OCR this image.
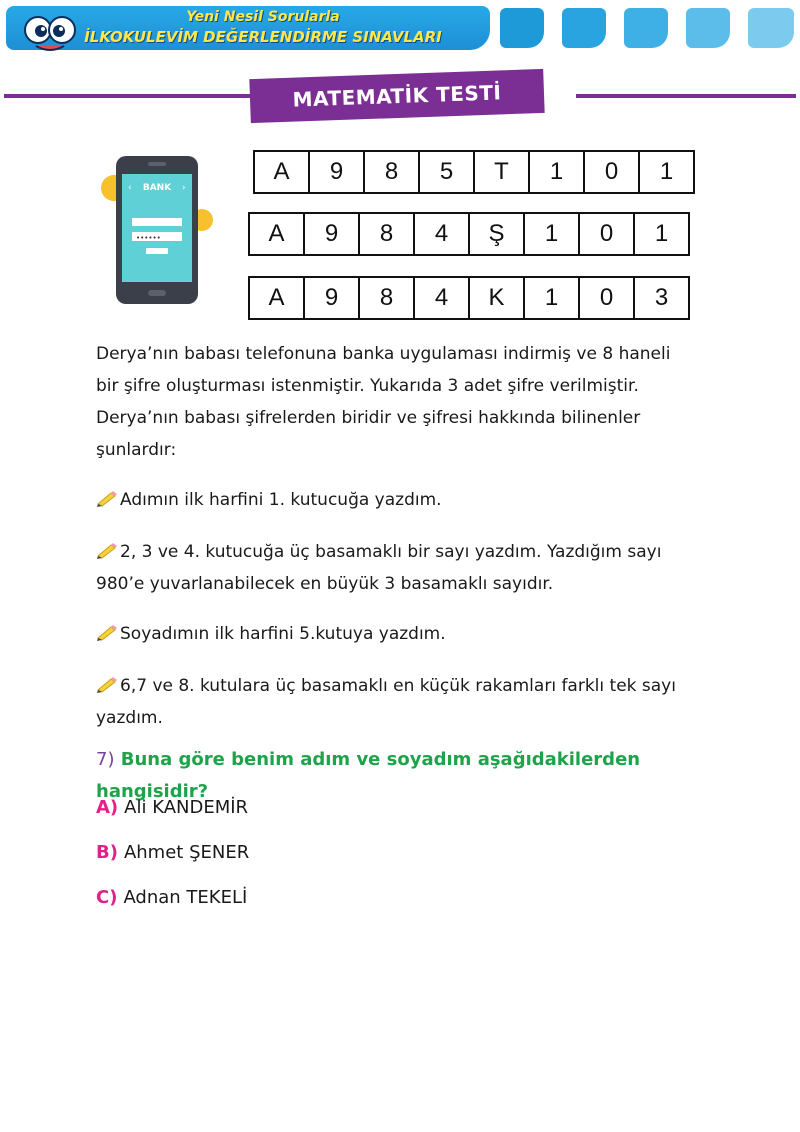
Yeni Nesil Sorularla
İLKOKULEVİM DEĞERLENDİRME SINAVLARI
MATEMATİK TESTİ
BANK
‹	›
••••••
A	9	8	5	T	1	0	1
A	9	8	4	Ş	1	0	1
A	9	8	4	K	1	0	3
Derya’nın babası telefonuna banka uygulaması indirmiş ve 8 haneli
bir şifre oluşturması istenmiştir. Yukarıda 3 adet şifre verilmiştir.
Derya’nın babası şifrelerden biridir ve şifresi hakkında bilinenler
şunlardır:
Adımın ilk harfini 1. kutucuğa yazdım.
2, 3 ve 4. kutucuğa üç basamaklı bir sayı yazdım. Yazdığım sayı
980’e yuvarlanabilecek en büyük 3 basamaklı sayıdır.
Soyadımın ilk harfini 5.kutuya yazdım.
6,7 ve 8. kutulara üç basamaklı en küçük rakamları farklı tek sayı
yazdım.
7) Buna göre benim adım ve soyadım aşağıdakilerden hangisidir?
A) Ali KANDEMİR
B) Ahmet ŞENER
C) Adnan TEKELİ
